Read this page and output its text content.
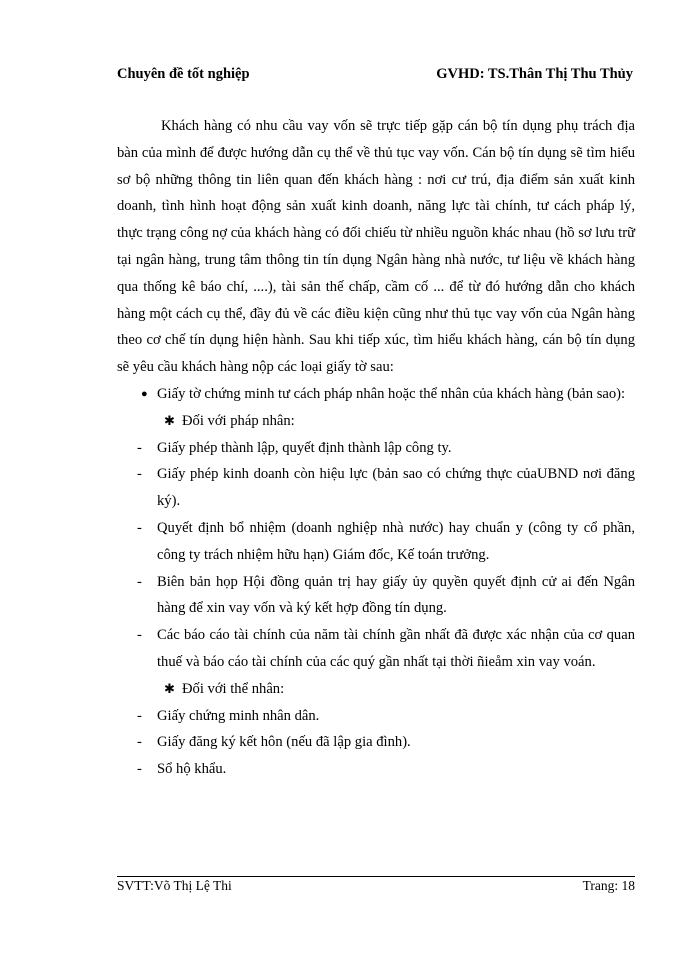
Chuyên đề tốt nghiệp	GVHD: TS.Thân Thị Thu Thủy

Khách hàng có nhu cầu vay vốn sẽ trực tiếp gặp cán bộ tín dụng phụ trách địa bàn của mình để được hướng dẫn cụ thể về thủ tục vay vốn. Cán bộ tín dụng sẽ tìm hiểu sơ bộ những thông tin liên quan đến khách hàng : nơi cư trú, địa điểm sản xuất kinh doanh, tình hình hoạt động sản xuất kinh doanh, năng lực tài chính, tư cách pháp lý, thực trạng công nợ của khách hàng có đối chiếu từ nhiều nguồn khác nhau (hồ sơ lưu trữ tại ngân hàng, trung tâm thông tin tín dụng Ngân hàng nhà nước, tư liệu về khách hàng qua thống kê báo chí, ....), tài sản thế chấp, cầm cố ... để từ đó hướng dẫn cho khách hàng một cách cụ thể, đầy đủ về các điều kiện cũng như thủ tục vay vốn của Ngân hàng theo cơ chế tín dụng hiện hành. Sau khi tiếp xúc, tìm hiểu khách hàng, cán bộ tín dụng sẽ yêu cầu khách hàng nộp các loại giấy tờ sau:

● Giấy tờ chứng minh tư cách pháp nhân hoặc thể nhân của khách hàng (bản sao):

✱ Đối với pháp nhân:

- Giấy phép thành lập, quyết định thành lập công ty.

- Giấy phép kinh doanh còn hiệu lực (bản sao có chứng thực củaUBND nơi đăng ký).

- Quyết định bổ nhiệm (doanh nghiệp nhà nước) hay chuẩn y (công ty cổ phần, công ty trách nhiệm hữu hạn) Giám đốc, Kế toán trưởng.

- Biên bản họp Hội đồng quản trị hay giấy ủy quyền quyết định cử ai đến Ngân hàng để xin vay vốn và ký kết hợp đồng tín dụng.

- Các báo cáo tài chính của năm tài chính gần nhất đã được xác nhận của cơ quan thuế và báo cáo tài chính của các quý gần nhất tại thời ñieåm xin vay voán.

✱ Đối với thể nhân:

- Giấy chứng minh nhân dân.

- Giấy đăng ký kết hôn (nếu đã lập gia đình).

- Sổ hộ khẩu.

SVTT:Võ Thị Lệ Thi	Trang: 18
